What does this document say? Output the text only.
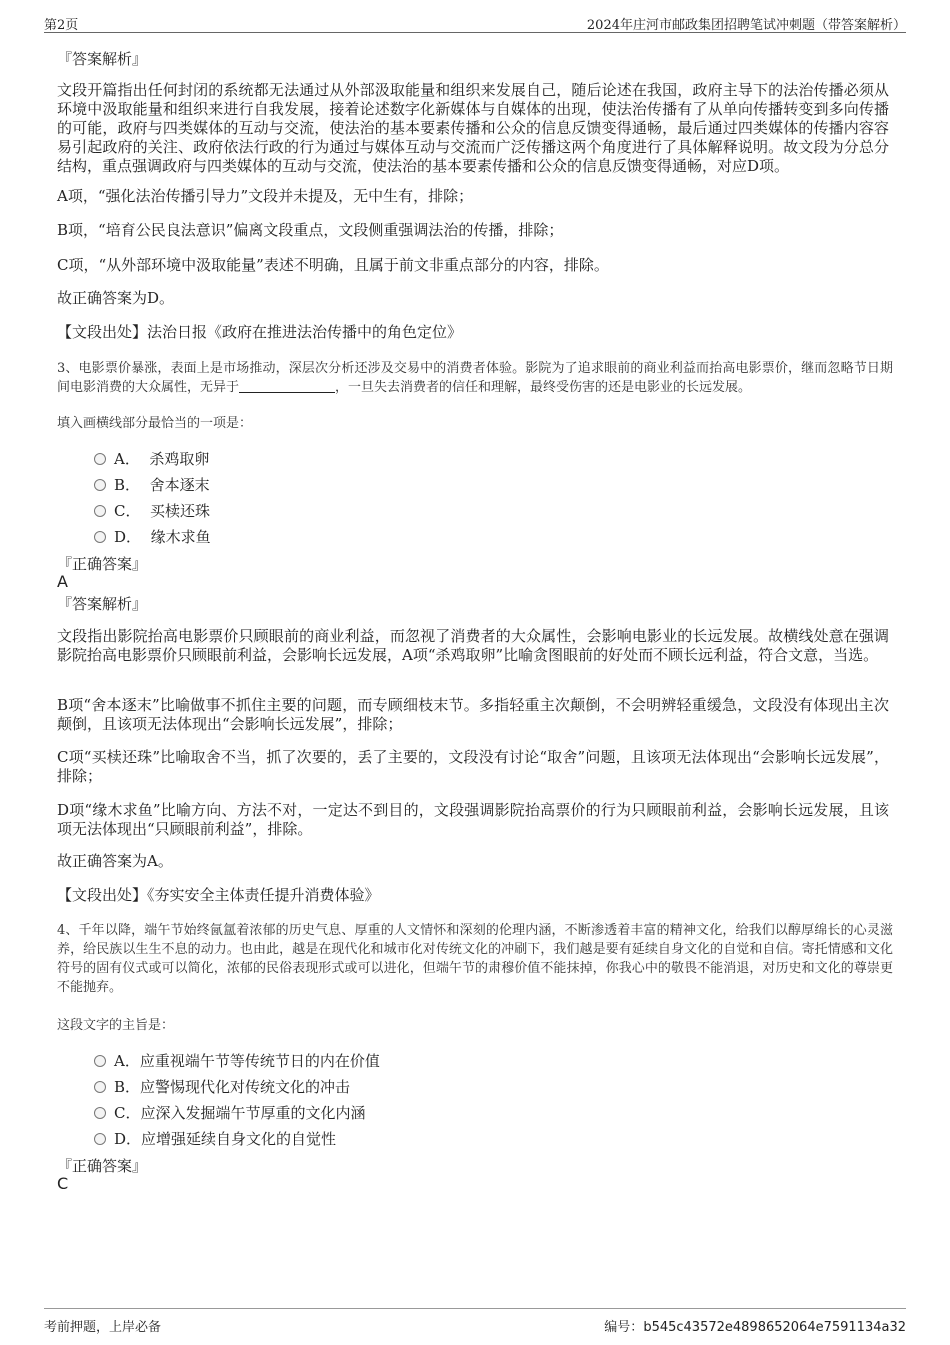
第2页	2024年庄河市邮政集团招聘笔试冲刺题（带答案解析）
『答案解析』
文段开篇指出任何封闭的系统都无法通过从外部汲取能量和组织来发展自己，随后论述在我国，政府主导下的法治传播必须从环境中汲取能量和组织来进行自我发展，接着论述数字化新媒体与自媒体的出现，使法治传播有了从单向传播转变到多向传播的可能，政府与四类媒体的互动与交流，使法治的基本要素传播和公众的信息反馈变得通畅，最后通过四类媒体的传播内容容易引起政府的关注、政府依法行政的行为通过与媒体互动与交流而广泛传播这两个角度进行了具体解释说明。故文段为分总分结构，重点强调政府与四类媒体的互动与交流，使法治的基本要素传播和公众的信息反馈变得通畅，对应D项。
A项，“强化法治传播引导力”文段并未提及，无中生有，排除；
B项，“培育公民良法意识”偏离文段重点，文段侧重强调法治的传播，排除；
C项，“从外部环境中汲取能量”表述不明确，且属于前文非重点部分的内容，排除。
故正确答案为D。
【文段出处】法治日报《政府在推进法治传播中的角色定位》
3、电影票价暴涨，表面上是市场推动，深层次分析还涉及交易中的消费者体验。影院为了追求眼前的商业利益而抬高电影票价，继而忽略节日期间电影消费的大众属性，无异于	，一旦失去消费者的信任和理解，最终受伤害的还是电影业的长远发展。
填入画横线部分最恰当的一项是：
A． 杀鸡取卵
B． 舍本逐末
C． 买椟还珠
D． 缘木求鱼
『正确答案』
A
『答案解析』
文段指出影院抬高电影票价只顾眼前的商业利益，而忽视了消费者的大众属性，会影响电影业的长远发展。故横线处意在强调影院抬高电影票价只顾眼前利益，会影响长远发展，A项“杀鸡取卵”比喻贪图眼前的好处而不顾长远利益，符合文意，当选。
B项“舍本逐末”比喻做事不抓住主要的问题，而专顾细枝末节。多指轻重主次颠倒，不会明辨轻重缓急，文段没有体现出主次颠倒，且该项无法体现出“会影响长远发展”，排除；
C项“买椟还珠”比喻取舍不当，抓了次要的，丢了主要的，文段没有讨论“取舍”问题，且该项无法体现出“会影响长远发展”，排除；
D项“缘木求鱼”比喻方向、方法不对，一定达不到目的，文段强调影院抬高票价的行为只顾眼前利益，会影响长远发展，且该项无法体现出“只顾眼前利益”，排除。
故正确答案为A。
【文段出处】《夯实安全主体责任提升消费体验》
4、千年以降，端午节始终氤氲着浓郁的历史气息、厚重的人文情怀和深刻的伦理内涵，不断渗透着丰富的精神文化，给我们以醇厚绵长的心灵滋养，给民族以生生不息的动力。也由此，越是在现代化和城市化对传统文化的冲刷下，我们越是要有延续自身文化的自觉和自信。寄托情感和文化符号的固有仪式或可以简化，浓郁的民俗表现形式或可以进化，但端午节的肃穆价值不能抹掉，你我心中的敬畏不能消退，对历史和文化的尊崇更不能抛弃。
这段文字的主旨是：
A．应重视端午节等传统节日的内在价值
B．应警惕现代化对传统文化的冲击
C．应深入发掘端午节厚重的文化内涵
D．应增强延续自身文化的自觉性
『正确答案』
C
考前押题，上岸必备	编号：b545c43572e4898652064e7591134a32
